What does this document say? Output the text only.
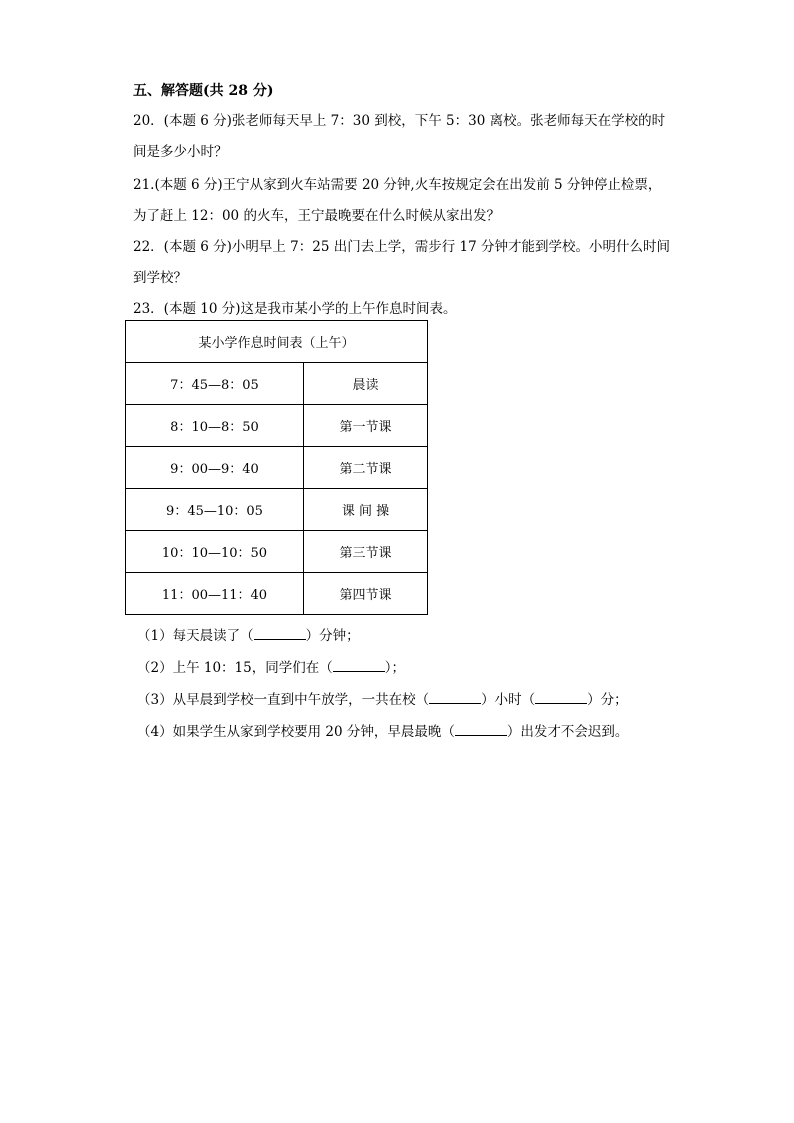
五、解答题(共 28 分)
20．(本题 6 分)张老师每天早上 7：30 到校，下午 5：30 离校。张老师每天在学校的时
间是多少小时？
21.(本题 6 分)王宁从家到火车站需要 20 分钟,火车按规定会在出发前 5 分钟停止检票，
为了赶上 12：00 的火车，王宁最晚要在什么时候从家出发？
22．(本题 6 分)小明早上 7：25 出门去上学，需步行 17 分钟才能到学校。小明什么时间
到学校？
23．(本题 10 分)这是我市某小学的上午作息时间表。
某小学作息时间表（上午）	
7：45—8：05	晨读
8：10—8：50	第一节课
9：00—9：40	第二节课
9：45—10：05	课 间 操
10：10—10：50	第三节课
11：00—11：40	第四节课
（1）每天晨读了（	）分钟；
（2）上午 10：15，同学们在（	）；
（3）从早晨到学校一直到中午放学，一共在校（	）小时（	）分；
（4）如果学生从家到学校要用 20 分钟，早晨最晚（	）出发才不会迟到。
